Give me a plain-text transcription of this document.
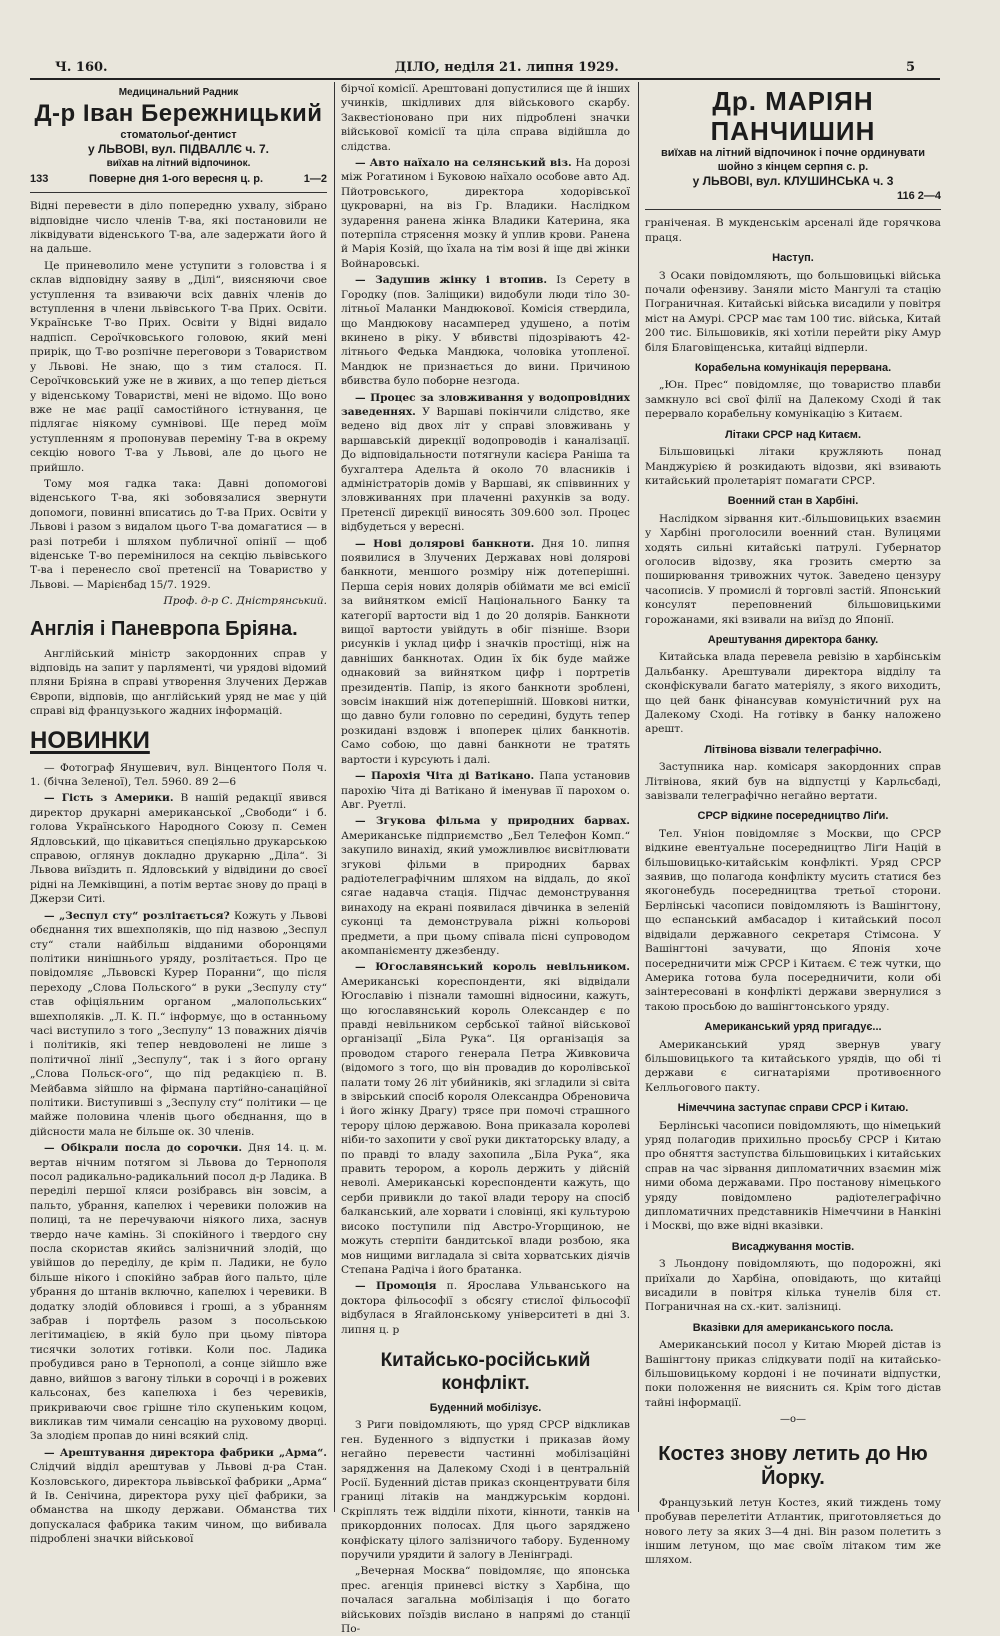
Ч. 160.	ДІЛО, неділя 21. липня 1929.	5
Медицинальний Радник
Д-р Іван Бережницький
стоматольоґ-дентист
у ЛЬВОВІ, вул. ПІДВАЛЛЄ ч. 7.
виїхав на літний відпочинок.
133	Поверне дня 1-ого вересня ц. р.	1—2

Відні перевести в діло попередню ухвалу, зібрано відповідне число членів Т-ва, які постановили не ліквідувати віденського Т-ва, але задержати його й на дальше.

Це приневолило мене уступити з головства і я склав відповідну заяву в „Ділі“, виясняючи свое уступлення та взиваючи всіх давніх членів до вступлення в члени львівського Т-ва Прих. Освіти. Українське Т-во Прих. Освіти у Відні видало надпісп. Сероїчковського головою, який мені прирік, що Т-во розпічне переговори з Товариством у Львові. Не знаю, що з тим сталося. П. Сероїчковський уже не в живих, а що тепер діється у віденському Товаристві, мені не відомо. Що воно вже не має рації самостійного істнування, це підлягає ніякому сумнівові. Ще перед моїм уступленням я пропонував переміну Т-ва в окрему секцію нового Т-ва у Львові, але до цього не прийшло.

Тому моя гадка така: Давні допомогові віденського Т-ва, які зобовязалися звернути допомоги, повинні вписатись до Т-ва Прих. Освіти у Львові і разом з видалом цього Т-ва домагатися — в разі потреби і шляхом публичної опінії — щоб віденське Т-во перемінилося на секцію львівського Т-ва і перенесло свої претенсії на Товариство у Львові. — Марієнбад 15/7. 1929.

Проф. д-р С. Дністрянський.
Англія і Паневропа Бріяна.

Англійський міністр закордонних справ у відповідь на запит у парляменті, чи урядові відомий пляни Бріяна в справі утворення Злучених Держав Європи, відповів, що англійський уряд не має у цій справі від французького жадних інформацій.

НОВИНКИ

— Фотограф Янушевич, вул. Вінцентого Поля ч. 1. (бічна Зеленої), Тел. 5960. 89 2—6

— Гість з Америки. В нашій редакції явився директор друкарні американської „Свободи“ і б. голова Українського Народного Союзу п. Семен Ядловський, що цікавиться спеціяльно друкарською справою, оглянув докладно друкарню „Діла“. Зі Львова виїздить п. Ядловський у відвідини до своєї рідні на Лемківщині, а потім вертає знову до праці в Джерзи Ситі.

— „Зеспул сту“ розлітається? Кожуть у Львові обєднання тих вшехполяків, що під назвою „Зеспул сту“ стали найбільш відданими оборонцями політики нинішнього уряду, розлітається. Про це повідомляє „Львовскі Курер Поранни“, що після переходу „Слова Польского“ в руки „Зеспулу сту“ став офіціяльним органом „малопольських“ вшехполяків. „Л. К. П.“ інформує, що в останньому часі виступило з того „Зеспулу“ 13 поважних діячів і політиків, які тепер невдоволені не лише з політичної лінії „Зеспулу“, так і з його органу „Слова Польск-ого“, що під редакцією п. В. Мейбавма зійшло на фірмана партійно-санаційної політики. Виступивші з „Зеспулу сту“ політики — це майже половина членів цього обєднання, що в дійсности мала не більше ок. 30 членів.

— Обікрали посла до сорочки. Дня 14. ц. м. вертав нічним потягом зі Львова до Тернополя посол радикально-радикальний посол д-р Ладика. В переділі першої кляси розібравсь він зовсім, а пальто, убрання, капелюх і черевики положив на полиці, та не перечуваючи ніякого лиха, заснув твердо наче камінь. Зі спокійного і твердого сну посла скористав якийсь залізничний злодій, що увійшов до переділу, де крім п. Ладики, не було більше нікого і спокійно забрав його пальто, ціле убрання до штанів включно, капелюх і черевики. В додатку злодій обловився і гроші, а з убранням забрав і портфель разом з посольською легітимацією, в якій було при цьому півтора тисячки золотих готівки. Коли пос. Ладика пробудився рано в Тернополі, а сонце зійшло вже давно, вийшов з вагону тільки в сорочці і в рожевих кальсонах, без капелюха і без черевиків, прикриваючи своє грішне тіло скупеньким коцом, викликав тим чимали сенсацію на руховому дворці. За злодієм пропав до нині всякий слід.

— Арештування директора фабрики „Арма“. Слідчий відділ арештував у Львові д-ра Стан. Козловського, директора львівської фабрики „Арма“ й Ів. Сенічина, директора руху цієї фабрики, за обманства на шкоду держави. Обманства тих допускалася фабрика таким чином, що вибивала підроблені значки військової

бірчої комісії. Арештовані допустилися ще й інших учинків, шкідливих для військового скарбу. Заквестіоновано при них підроблені значки військової комісії та ціла справа відійшла до слідства.

— Авто наїхало на селянський віз. На дорозі між Рогатином і Буковою наїхало особове авто Ад. Пйотровського, директора ходорівської цукроварні, на віз Гр. Владики. Наслідком зударення ранена жінка Владики Катерина, яка потерпіла стрясення мозку й уплив крови. Ранена й Марія Козій, що їхала на тім возі й іще дві жінки Войнаровські.

— Задушив жінку і втопив. Із Серету в Городку (пов. Заліщики) видобули люди тіло 30-літньої Маланки Мандюкової. Комісія ствердила, що Мандюкову насамперед удушено, а потім вкинено в ріку. У вбивстві підозріваютъ 42-літнього Федька Мандюка, чоловіка утопленої. Мандюк не признається до вини. Причиною вбивства було поборне незгода.

— Процес за зловживання у водопровідних заведеннях. У Варшаві покінчили слідство, яке ведено від двох літ у справі зловживань у варшавській дирекції водопроводів і каналізації. До відповідальности потягнули касієра Раніша та бухгалтера Адельта й около 70 власників і адміністраторів домів у Варшаві, як співвинних у зловживаннях при плаченні рахунків за воду. Претенсії дирекції виносять 309.600 зол. Процес відбудеться у вересні.

— Нові долярові банкноти. Дня 10. липня появилися в Злучених Державах нові долярові банкноти, меншого розміру ніж дотеперішні. Перша серія нових долярів обіймати ме всі емісії за вийнятком емісії Національного Банку та категорії вартости від 1 до 20 долярів. Банкноти вищої вартости увійдуть в обіг пізніше. Взори рисунків і уклад цифр і значків простіщі, ніж на давніших банкнотах. Один їх бік буде майже однаковий за вийнятком цифр і портретів президентів. Папір, із якого банкноти зроблені, зовсім інакший ніж дотеперішній. Шовкові нитки, що давно були головно по середині, будуть тепер розкидані вздовж і впоперек цілих банкнотів. Само собою, що давні банкноти не тратять вартости і курсують і далі.

— Парохія Чіта ді Ватікано. Папа установив парохію Чіта ді Ватікано й іменував її парохом о. Авг. Руетлі.

— Згукова фільма у природних барвах. Американське підприємство „Бел Телефон Комп.“ закупило винахід, який уможливлює висвітлювати згукові фільми в природних барвах радіотелеграфічним шляхом на віддаль, до якої сягае надавча стація. Підчас демонстрування винаходу на екрані появилася дівчинка в зеленій суконці та демонструвала ріжні кольорові предмети, а при цьому співала пісні супроводом акомпанієменту джезбенду.

— Югославянський король невільником. Американські кореспонденти, які відвідали Югославію і пізнали тамошні відносини, кажуть, що югославянський король Олександер є по правді невільником сербської тайної військової організації „Біла Рука“. Ця організація за проводом старого генерала Петра Живковича (відомого з того, що він провадив до королівської палати тому 26 літ убийників, які згладили зі світа в звірський спосіб короля Олександра Обреновича і його жінку Драгу) трясе при помочі страшного терору цілою державою. Вона приказала королеві ніби-то захопити у свої руки диктаторську владу, а по правді то владу захопила „Біла Рука“, яка править терором, а король держить у дійсній неволі. Американські кореспонденти кажуть, що серби привикли до такої влади терору на спосіб балканський, але хорвати і словінці, які культурою високо поступили під Австро-Угорщиною, не можуть стерпіти бандитської влади розбою, яка мов нищими вигладала зі світа хорватських діячів Степана Радіча і його братанка.

— Промоція п. Ярослава Ульванського на доктора фільософії з обсягу стислої фільософії відбулася в Ягайлонському університеті в дні 3. липня ц. р

Китайсько-російський конфлікт.
Буденний мобілізує.

З Риги повідомляють, що уряд СРСР відкликав ген. Буденного з відпустки і приказав йому негайно перевести частинні мобілізаційні зарядження на Далекому Сході і в центральній Росії. Буденний дістав приказ сконцентрувати біля границі літаків на манджурськім кордоні. Скріплять теж відділи піхоти, кінноти, танків на прикордонних полосах. Для цього заряджено конфіскату цілого залізничого табору. Буденному поручили урядити й залогу в Ленінграді.

„Вечерная Москва“ повідомляє, що японська прес. агенція приневсі вістку з Харбіна, що почалася загальна мобілізація і що богато військових поїздів вислано в напрямі до станції По-

Др. МАРІЯН ПАНЧИШИН
виїхав на літний відпочинок і почне ординувати шойно з кінцем серпня с. р.
у ЛЬВОВІ, вул. КЛУШИНСЬКА ч. 3
116 2—4

граніченая. В мукденськім арсеналі йде горячкова праця.

Наступ.

З Осаки повідомляють, що большовицькі війська почали офензиву. Заняли місто Мангулі та стацію Пограничная. Китайські війська висадили у повітря міст на Амурі. СРСР має там 100 тис. війська, Китай 200 тис. Більшовиків, які хотіли перейти ріку Амур біля Благовіщенська, китайці відперли.

Корабельна комунікація перервана.

„Юн. Прес“ повідомляє, що товариство плавби замкнуло всі свої філії на Далекому Сході й так перервало корабельну комунікацію з Китаєм.

Літаки СРСР над Китаєм.

Більшовицькі літаки кружляють понад Манджурією й розкидають відозви, які взивають китайський пролетаріят помагати СРСР.

Военний стан в Харбіні.

Наслідком зірвання кит.-більшовицьких взаємин у Харбіні проголосили военний стан. Вулицями ходять сильні китайські патрулі. Губернатор оголосив відозву, яка грозить смертю за поширювання тривожних чуток. Заведено цензуру часописів. У промислі й торговлі застій. Японський консулят переповнений більшовицькими горожанами, які взивали на виїзд до Японії.

Арештування директора банку.

Китайська влада перевела ревізію в харбінськім Дальбанку. Арештували директора відділу та сконфіскували багато матеріялу, з якого виходить, що цей банк фінансував комуністичний рух на Далекому Сході. На готівку в банку наложено арешт.

Літвінова візвали телеграфічно.

Заступника нар. комісаря закордонних справ Літвінова, який був на відпустці у Карльсбаді, завізвали телеграфічно негайно вертати.

СРСР відкине посередництво Ліґи.

Тел. Уніон повідомляє з Москви, що СРСР відкине евентуальне посередництво Ліґи Націй в більшовицько-китайськім конфлікті. Уряд СРСР заявив, що полагода конфлікту мусить статися без якогонебудь посередництва третьої сторони. Берлінські часописи повідомляють із Вашінгтону, що еспанський амбасадор і китайський посол відвідали державного секретаря Стімсона. У Вашінгтоні зачувати, що Японія хоче посередничити між СРСР і Китаєм. Є теж чутки, що Америка готова була посередничити, коли обі заінтересовані в конфлікті держави звернулися з такою просьбою до вашінгтонського уряду.

Американський уряд пригадує...

Американський уряд звернув увагу більшовицького та китайського урядів, що обі ті держави є сигнатаріями противоєнного Келльогового пакту.

Німеччина заступає справи СРСР і Китаю.

Берлінські часописи повідомляють, що німецький уряд полагодив прихильно просьбу СРСР і Китаю про обняття заступства більшовицьких і китайських справ на час зірвання дипломатичних взаємин між ними обома державами. Про постанову німецького уряду повідомлено радіотелеграфічно дипломатичних представників Німеччини в Нанкіні і Москві, що вже відні вказівки.

Висаджування мостів.

З Льондону повідомляють, що подорожні, які приїхали до Харбіна, оповідають, що китайці висадили в повітря кілька тунелів біля ст. Пограничная на сх.-кит. залізниці.

Вказівки для американського посла.

Американський посол у Китаю Мюрей дістав із Вашінгтону приказ слідкувати події на китайсько-більшовицькому кордоні і не починати відпустки, поки положення не вияснить ся. Крім того дістав тайні інформації.

—о—
Костез знову летить до Ню Йорку.

Французький летун Костез, який тиждень тому пробував перелетіти Атлантик, приготовляється до нового лету за яких 3—4 дні. Він разом полетить з іншим летуном, що має своїм літаком тим же шляхом.
